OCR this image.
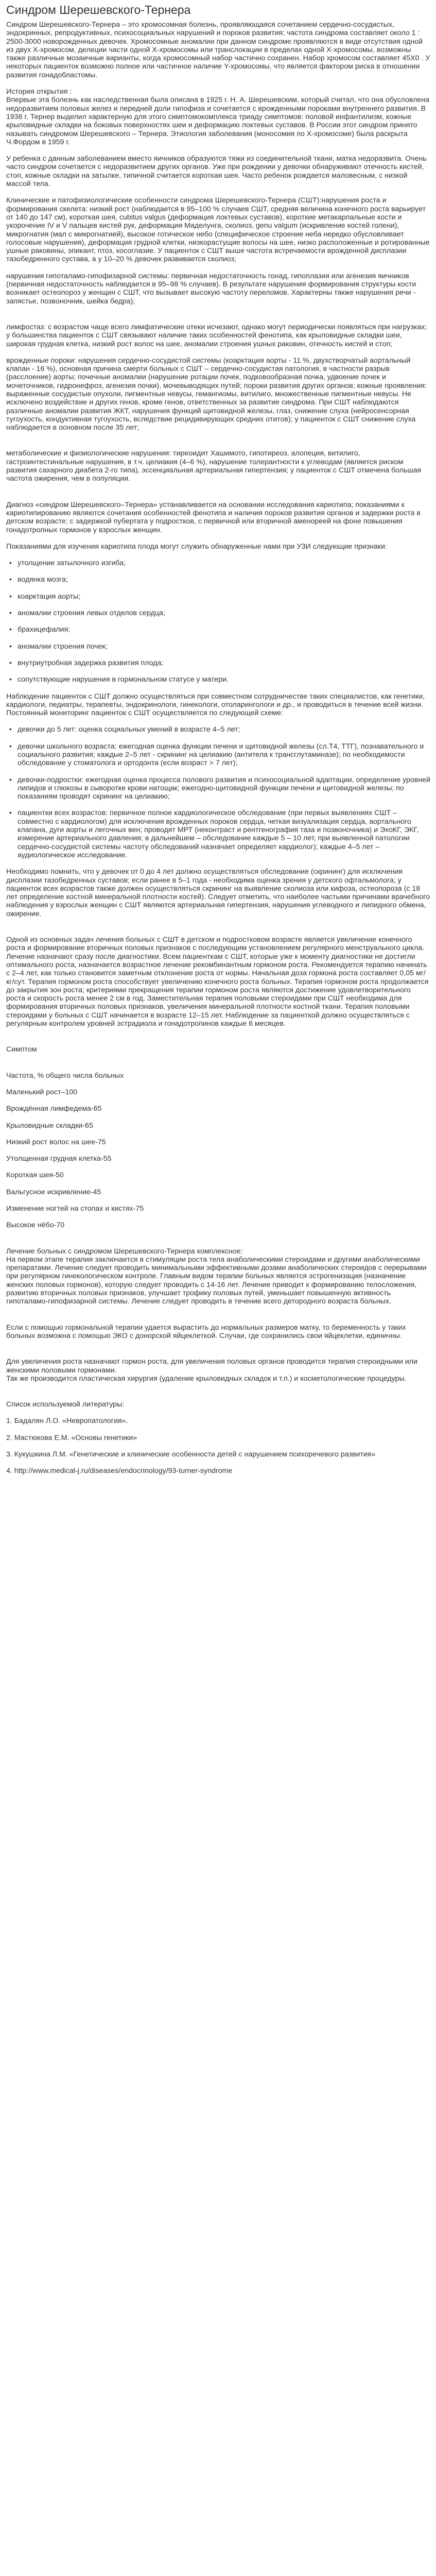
Синдром Шерешевского-Тернера

Синдром Шерешевского-Тернера – это хромосомная болезнь, проявляющаяся сочетанием сердечно-сосудистых, эндокринных, репродуктивных, психосоциальных нарушений и пороков развития; частота синдрома составляет около 1 : 2500-3000 новорожденных девочек. Хромосомные аномалии при данном синдроме проявляются в виде отсутствия одной из двух Х-хромосом, делеции части одной Х-хромосомы или транслокации в пределах одной Х-хромосомы, возможны также различные мозаичные варианты, когда хромосомный набор частично сохранен. Набор хромосом составляет 45Х0 . У некоторых пациенток возможно полное или частичное наличие Y-хромосомы, что является фактором риска в отношении развития гонадобластомы.

История открытия :
Впервые эта болезнь как наследственная была описана в 1925 г. Н. А. Шерешевским, который считал, что она обусловлена недоразвитием половых желез и передней доли гипофиза и сочетается с врожденными пороками внутреннего развития. В 1938 г. Тернер выделил характерную для этого симптомокомплекса триаду симптомов: половой инфантилизм, кожные крыловидные складки на боковых поверхностях шеи и деформацию локтевых суставов. В России этот синдром принято называть синдромом Шерешевского – Тернера. Этиология заболевания (моносомия по Х-хромосоме) была раскрыта Ч.Фордом в 1959 г.

У ребенка с данным заболеванием вместо яичников образуются тяжи из соединительной ткани, матка недоразвита. Очень часто синдром сочетается с недоразвитием других органов. Уже при рождении у девочки обнаруживают отечность кистей, стоп, кожные складки на затылке, типичной считается короткая шея. Часто ребенок рождается маловесным, с низкой массой тела.

Клинические и патофизиологические особенности синдрома Шерешевского-Тернера (СШТ):нарушения роста и формирования скелета: низкий рост (наблюдается в 95–100 % случаев СШТ, средняя величина конечного роста варьирует от 140 до 147 см), короткая шея, cubitus valgus (деформация локтевых суставов), короткие метакарпальные кости и укорочение IV и V пальцев кистей рук, деформация Маделунга, сколиоз, genu valgum (искривление костей голени), микрогнатия (мал с микрогнатией), высокое готическое небо (специфическое строение неба нередко обусловливает голосовые нарушения), деформация грудной клетки, низкорастущие волосы на шее, низко расположенные и ротированные ушные раковины, эпикант, птоз, косоглазие. У пациенток с СШТ выше частота встречаемости врожденной дисплазии тазобедренного сустава, а у 10–20 % девочек развивается сколиоз;

нарушения гипоталамо-гипофизарной системы: первичная недостаточность гонад, гипоплазия или агенезия яичников (первичная недостаточность наблюдается в 95–98 % случаев). В результате нарушения формирования структуры кости возникает остеопороз у женщин с СШТ, что вызывает высокую частоту переломов. Характерны также нарушения речи - запястье, позвоночник, шейка бедра);

лимфостаз: с возрастом чаще всего лимфатические отеки исчезают, однако могут периодически появляться при нагрузках; у большинства пациенток с СШТ связывают наличие таких особенностей фенотипа, как крыловидные складки шеи, широкая грудная клетка, низкий рост волос на шее, аномалии строения ушных раковин, отечность кистей и стоп;

врожденные пороки: нарушения сердечно-сосудистой системы (коарктация аорты - 11 %, двухстворчатый аортальный клапан - 16 %), основная причина смерти больных с СШТ – сердечно-сосудистая патология, в частности разрыв (расслоение) аорты; почечные аномалии (нарушение ротации почек, подковообразная почка, удвоение почек и мочеточников, гидронефроз, агенезия почки), мочевыводящих путей; пороки развития других органов; кожные проявления: выраженные сосудистые опухоли, пигментные невусы, гемангиомы, витилиго, множественные пигментные невусы. Не исключено воздействие и других генов, кроме генов, ответственных за развитие синдрома. При СШТ наблюдаются различные аномалии развития ЖКТ, нарушения функций щитовидной железы, глаз, снижение слуха (нейросенсорная тугоухость, кондуктивная тугоухость, вследствие рецидивирующих средних отитов); у пациенток с СШТ снижение слуха наблюдается в основном после 35 лет;

метаболические и физиологические нарушения: тиреоидит Хашимото, гипотиреоз, алопеция, витилиго, гастроинтестинальные нарушения, в т.ч. целиакия (4–6 %), нарушение толерантности к углеводам (является риском развития сахарного диабета 2-го типа), эссенциальная артериальная гипертензия; у пациенток с СШТ отмечена большая частота ожирения, чем в популяции.

Диагноз «синдром Шерешевского–Тернера» устанавливается на основании исследования кариотипа; показаниями к кариотипированию являются сочетания особенностей фенотипа и наличия пороков развития органов и задержки роста в детском возрасте; с задержкой пубертата у подростков, с первичной или вторичной аменореей на фоне повышения гонадотропных гормонов у взрослых женщин.

Показаниями для изучения кариотипа плода могут служить обнаруженные нами при УЗИ следующие признаки:

• утолщение затылочного изгиба;
• водянка мозга;
• коарктация аорты;
• аномалии строения левых отделов сердца;
• брахицефалия;
• аномалии строения почек;
• внутриутробная задержка развития плода;
• сопутствующие нарушения в гормональном статусе у матери.

Наблюдение пациенток с СШТ должно осуществляться при совместном сотрудничестве таких специалистов, как генетики, кардиологи, педиатры, терапевты, эндокринологи, гинекологи, отоларингологи и др., и проводиться в течение всей жизни. Постоянный мониторинг пациенток с СШТ осуществляется по следующей схеме:

• девочки до 5 лет: оценка социальных умений в возрасте 4–5 лет;
• девочки школьного возраста: ежегодная оценка функции печени и щитовидной железы (сл.Т4, ТТГ), познавательного и социального развития; каждые 2–5 лет - скрининг на целиакию (антитела к трансглутаминазе); по необходимости обследование у стоматолога и ортодонта (если возраст > 7 лет);
• девочки-подростки: ежегодная оценка процесса полового развития и психосоциальной адаптации, определение уровней липидов и глюкозы в сыворотке крови натощак; ежегодно-щитовидной функции печени и щитовидной железы; по показаниям проводят скрининг на целиакию;
• пациентки всех возрастов: первичное полное кардиологическое обследование (при первых выявлениях СШТ – совместно с кардиологом) для исключения врожденных пороков сердца, четкая визуализация сердца, аортального клапана, дуги аорты и легочных вен; проводят МРТ (неконтраст и рентгенография таза и позвоночника) и ЭхоКГ, ЭКГ, измерение артериального давления; в дальнейшем – обследование каждые 5 – 10 лет, при выявленной патологии сердечно-сосудистой системы частоту обследований назначает определяет кардиолог); каждые 4–5 лет – аудиологическое исследование.

Необходимо помнить, что у девочек от 0 до 4 лет должно осуществляться обследование (скрининг) для исключения дисплазии тазобедренных суставов; если ранее в 5–1 года - необходима оценка зрения у детского офтальмолога; у пациенток всех возрастов также должен осуществляться скрининг на выявление сколиоза или кифоза, остеопороза (с 18 лет определение костной минеральной плотности костей). Следует отметить, что наиболее частыми причинами врачебного наблюдения у взрослых женщин с СШТ являются артериальная гипертензия, нарушения углеводного и липидного обмена, ожирение.

Одной из основных задач лечения больных с СШТ в детском и подростковом возрасте является увеличение конечного роста и формирование вторичных половых признаков с последующим установлением регулярного менструального цикла. Лечение назначают сразу после диагностики. Всем пациенткам с СШТ, которые уже к моменту диагностики не достигли оптимального роста, назначается возрастное лечение рекомбинантным гормоном роста. Рекомендуется терапию начинать с 2–4 лет, как только становится заметным отклонение роста от нормы. Начальная доза гормона роста составляет 0,05 мг/кг/сут. Терапия гормоном роста способствует увеличению конечного роста больных. Терапия гормоном роста продолжается до закрытия зон роста; критериями прекращения терапии гормоном роста являются достижение удовлетворительного роста и скорость роста менее 2 см в год. Заместительная терапия половыми стероидами при СШТ необходима для формирования вторичных половых признаков, увеличения минеральной плотности костной ткани. Терапия половыми стероидами у больных с СШТ начинается в возрасте 12–15 лет. Наблюдение за пациенткой должно осуществляться с регулярным контролем уровней эстрадиола и гонадотропинов каждые 6 месяцев.

Симптом

Частота, % общего числа больных
Маленький рост–100
Врождённая лимфедема-65
Крыловидные складки-65
Низкий рост волос на шее-75
Утолщенная грудная клетка-55
Короткая шея-50
Вальгусное искривление-45
Изменение ногтей на стопах и кистях-75
Высокое нёбо-70

Лечение больных с синдромом Шерешевского-Тернера комплексное:
На первом этапе терапия заключается в стимуляции роста тела анаболическими стероидами и другими анаболическими препаратами. Лечение следует проводить минимальными эффективными дозами анаболических стероидов с перерывами при регулярном гинекологическом контроле. Главным видом терапии больных является эстрогенизация (назначение женских половых гормонов), которую следует проводить с 14-16 лет. Лечение приводит к формированию телосложения, развитию вторичных половых признаков, улучшает трофику половых путей, уменьшает повышенную активность гипоталамо-гипофизарной системы. Лечение следует проводить в течение всего детородного возраста больных.

Если с помощью гормональной терапии удается вырастить до нормальных размеров матку, то беременность у таких больных возможна с помощью ЭКО с донорской яйцеклеткой. Случаи, где сохранились свои яйцеклетки, единичны.

Для увеличения роста назначают гормон роста, для увеличения половых органов проводится терапия стероидными или женскими половыми гормонами.
Так же производится пластическая хирургия (удаление крыловидных складок и т.п.) и косметологические процедуры.

Список используемой литературы:

1. Бадалян Л.О. «Невропатология».
2. Мастюкова Е.М. «Основы генетики»
3. Кукушкина Л.М. «Генетические и клинические особенности детей с нарушением психоречевого развития»
4. http://www.medical-j.ru/diseases/endocrinology/93-turner-syndrome
